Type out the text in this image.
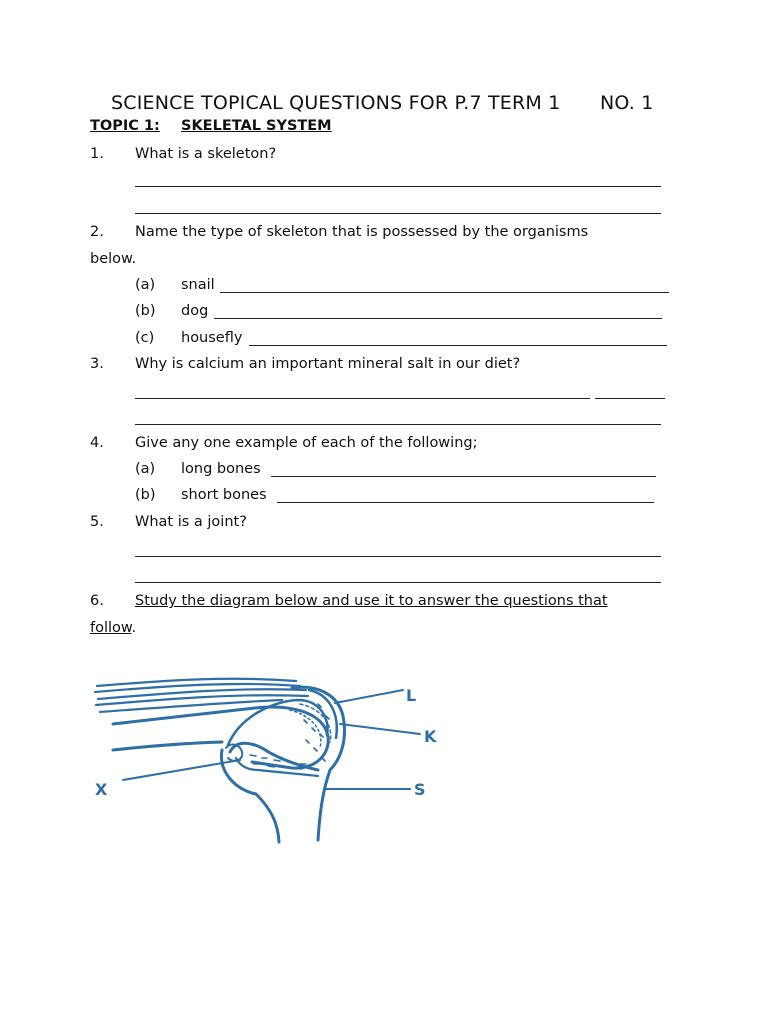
SCIENCE TOPICAL QUESTIONS FOR P.7 TERM 1 NO. 1
TOPIC 1: SKELETAL SYSTEM
1. What is a skeleton?
2. Name the type of skeleton that is possessed by the organisms
below.
(a) snail
(b) dog
(c) housefly
3. Why is calcium an important mineral salt in our diet?
4. Give any one example of each of the following;
(a) long bones
(b) short bones
5. What is a joint?
6. Study the diagram below and use it to answer the questions that
follow.
L
K
S
X
